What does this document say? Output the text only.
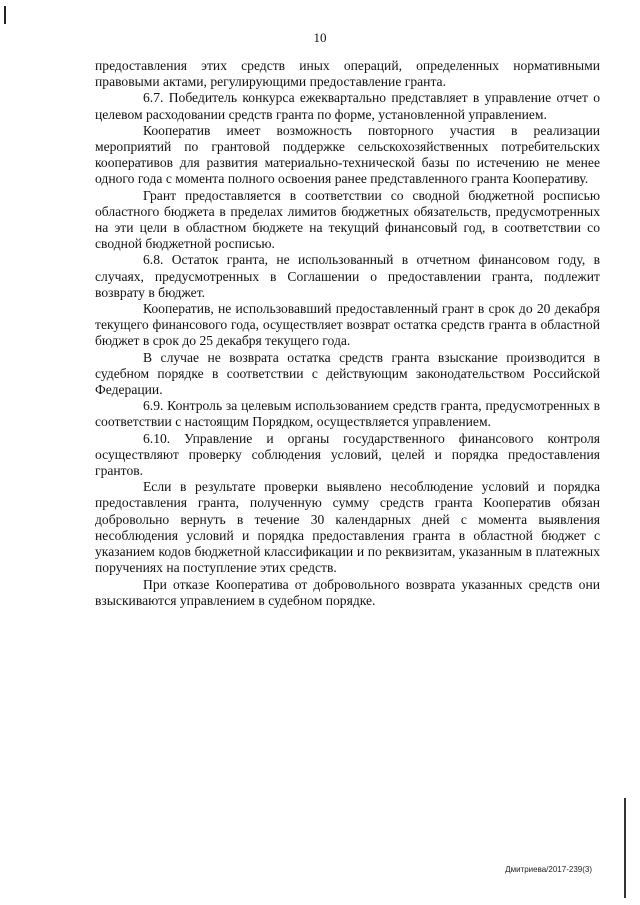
10

предоставления этих средств иных операций, определенных нормативными правовыми актами, регулирующими предоставление гранта.

6.7. Победитель конкурса ежеквартально представляет в управление отчет о целевом расходовании средств гранта по форме, установленной управлением.

Кооператив имеет возможность повторного участия в реализации мероприятий по грантовой поддержке сельскохозяйственных потребительских кооперативов для развития материально-технической базы по истечению не менее одного года с момента полного освоения ранее представленного гранта Кооперативу.

Грант предоставляется в соответствии со сводной бюджетной росписью областного бюджета в пределах лимитов бюджетных обязательств, предусмотренных на эти цели в областном бюджете на текущий финансовый год, в соответствии со сводной бюджетной росписью.

6.8. Остаток гранта, не использованный в отчетном финансовом году, в случаях, предусмотренных в Соглашении о предоставлении гранта, подлежит возврату в бюджет.

Кооператив, не использовавший предоставленный грант в срок до 20 декабря текущего финансового года, осуществляет возврат остатка средств гранта в областной бюджет в срок до 25 декабря текущего года.

В случае не возврата остатка средств гранта взыскание производится в судебном порядке в соответствии с действующим законодательством Российской Федерации.

6.9. Контроль за целевым использованием средств гранта, предусмотренных в соответствии с настоящим Порядком, осуществляется управлением.

6.10. Управление и органы государственного финансового контроля осуществляют проверку соблюдения условий, целей и порядка предоставления грантов.

Если в результате проверки выявлено несоблюдение условий и порядка предоставления гранта, полученную сумму средств гранта Кооператив обязан добровольно вернуть в течение 30 календарных дней с момента выявления несоблюдения условий и порядка предоставления гранта в областной бюджет с указанием кодов бюджетной классификации и по реквизитам, указанным в платежных поручениях на поступление этих средств.

При отказе Кооператива от добровольного возврата указанных средств они взыскиваются управлением в судебном порядке.

Дмитриева/2017-239(3)
